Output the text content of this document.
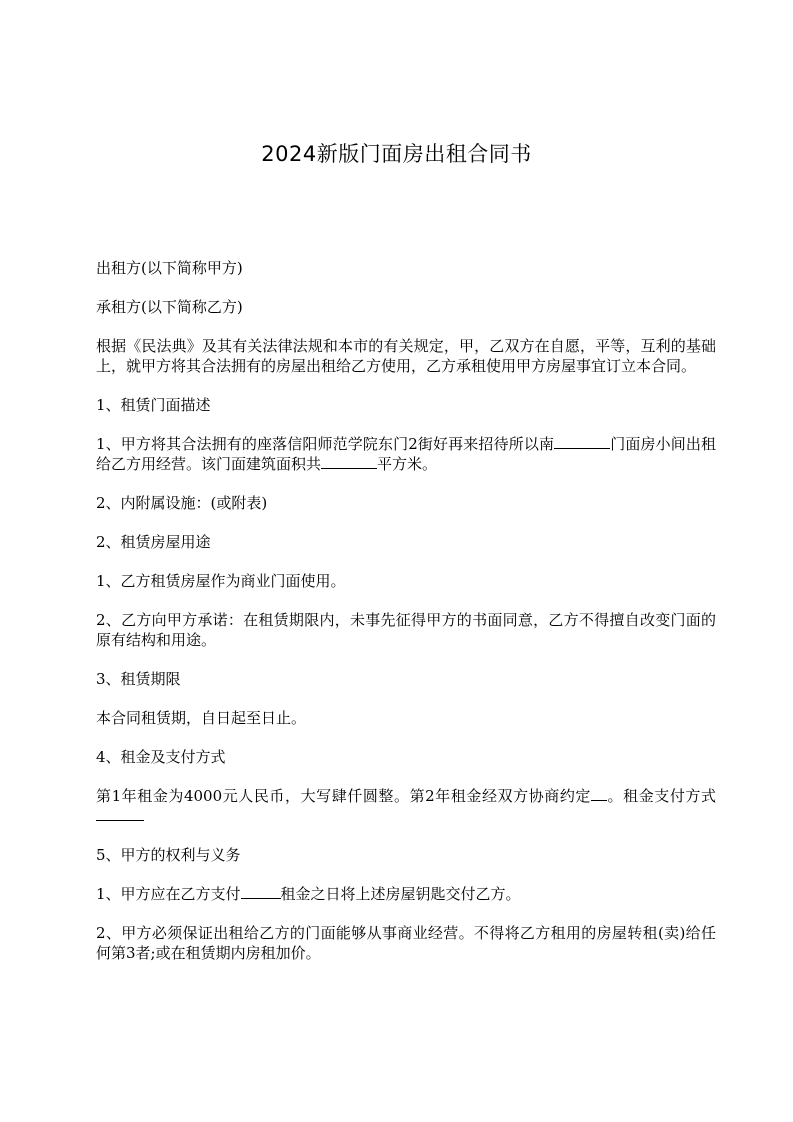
2024新版门面房出租合同书

出租方(以下简称甲方)

承租方(以下简称乙方)

根据《民法典》及其有关法律法规和本市的有关规定，甲，乙双方在自愿，平等，互利的基础上，就甲方将其合法拥有的房屋出租给乙方使用，乙方承租使用甲方房屋事宜订立本合同。

1、租赁门面描述

1、甲方将其合法拥有的座落信阳师范学院东门2街好再来招待所以南	门面房小间出租给乙方用经营。该门面建筑面积共	平方米。

2、内附属设施：(或附表)

2、租赁房屋用途

1、乙方租赁房屋作为商业门面使用。

2、乙方向甲方承诺：在租赁期限内，未事先征得甲方的书面同意，乙方不得擅自改变门面的原有结构和用途。

3、租赁期限

本合同租赁期，自日起至日止。

4、租金及支付方式

第1年租金为4000元人民币，大写肆仟圆整。第2年租金经双方协商约定 。租金支付方式

5、甲方的权利与义务

1、甲方应在乙方支付	租金之日将上述房屋钥匙交付乙方。

2、甲方必须保证出租给乙方的门面能够从事商业经营。不得将乙方租用的房屋转租(卖)给任何第3者;或在租赁期内房租加价。
